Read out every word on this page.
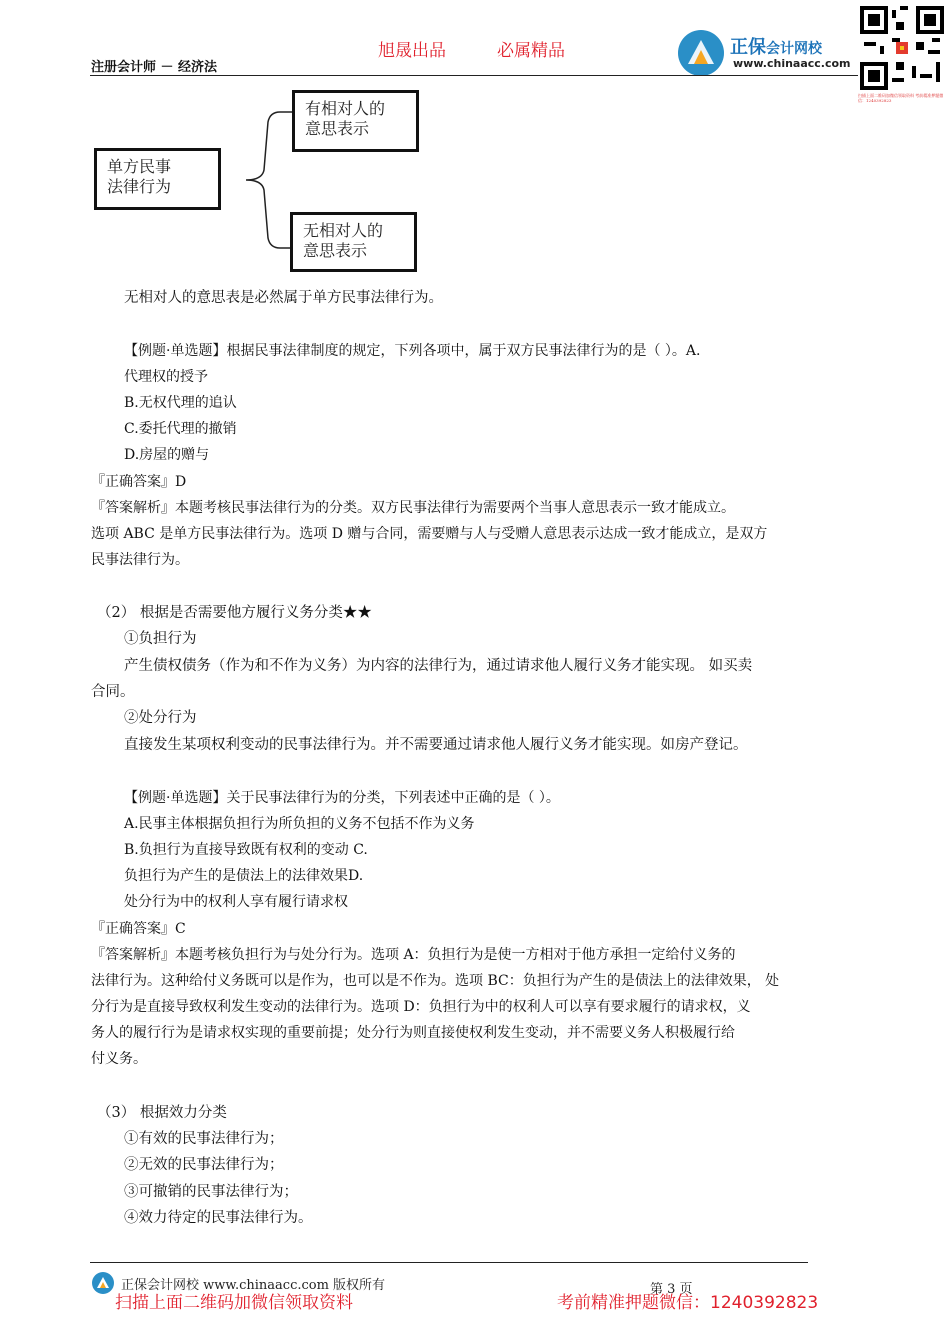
注册会计师 － 经济法
旭晟出品	必属精品	正保会计网校
www.chinaacc.com
扫描上面二维码加微信领取资料 考前精准押题微信：1240392823
单方民事
法律行为
有相对人的
意思表示
无相对人的
意思表示
无相对人的意思表是必然属于单方民事法律行为。
【例题·单选题】根据民事法律制度的规定，下列各项中，属于双方民事法律行为的是（ ）。A.
代理权的授予
B.无权代理的追认
C.委托代理的撤销
D.房屋的赠与
『正确答案』D
『答案解析』本题考核民事法律行为的分类。双方民事法律行为需要两个当事人意思表示一致才能成立。
选项 ABC 是单方民事法律行为。选项 D 赠与合同，需要赠与人与受赠人意思表示达成一致才能成立，是双方
民事法律行为。
（2） 根据是否需要他方履行义务分类★★
①负担行为
产生债权债务（作为和不作为义务）为内容的法律行为，通过请求他人履行义务才能实现。 如买卖
合同。
②处分行为
直接发生某项权利变动的民事法律行为。并不需要通过请求他人履行义务才能实现。如房产登记。
【例题·单选题】关于民事法律行为的分类，下列表述中正确的是（ ）。
A.民事主体根据负担行为所负担的义务不包括不作为义务
B.负担行为直接导致既有权利的变动 C.
负担行为产生的是债法上的法律效果D.
处分行为中的权利人享有履行请求权
『正确答案』C
『答案解析』本题考核负担行为与处分行为。选项 A：负担行为是使一方相对于他方承担一定给付义务的
法律行为。这种给付义务既可以是作为，也可以是不作为。选项 BC：负担行为产生的是债法上的法律效果， 处
分行为是直接导致权利发生变动的法律行为。选项 D：负担行为中的权利人可以享有要求履行的请求权，义
务人的履行行为是请求权实现的重要前提；处分行为则直接使权利发生变动，并不需要义务人积极履行给
付义务。
（3） 根据效力分类
①有效的民事法律行为；
②无效的民事法律行为；
③可撤销的民事法律行为；
④效力待定的民事法律行为。
正保会计网校 www.chinaacc.com 版权所有	第 3 页
扫描上面二维码加微信领取资料	考前精准押题微信：1240392823
